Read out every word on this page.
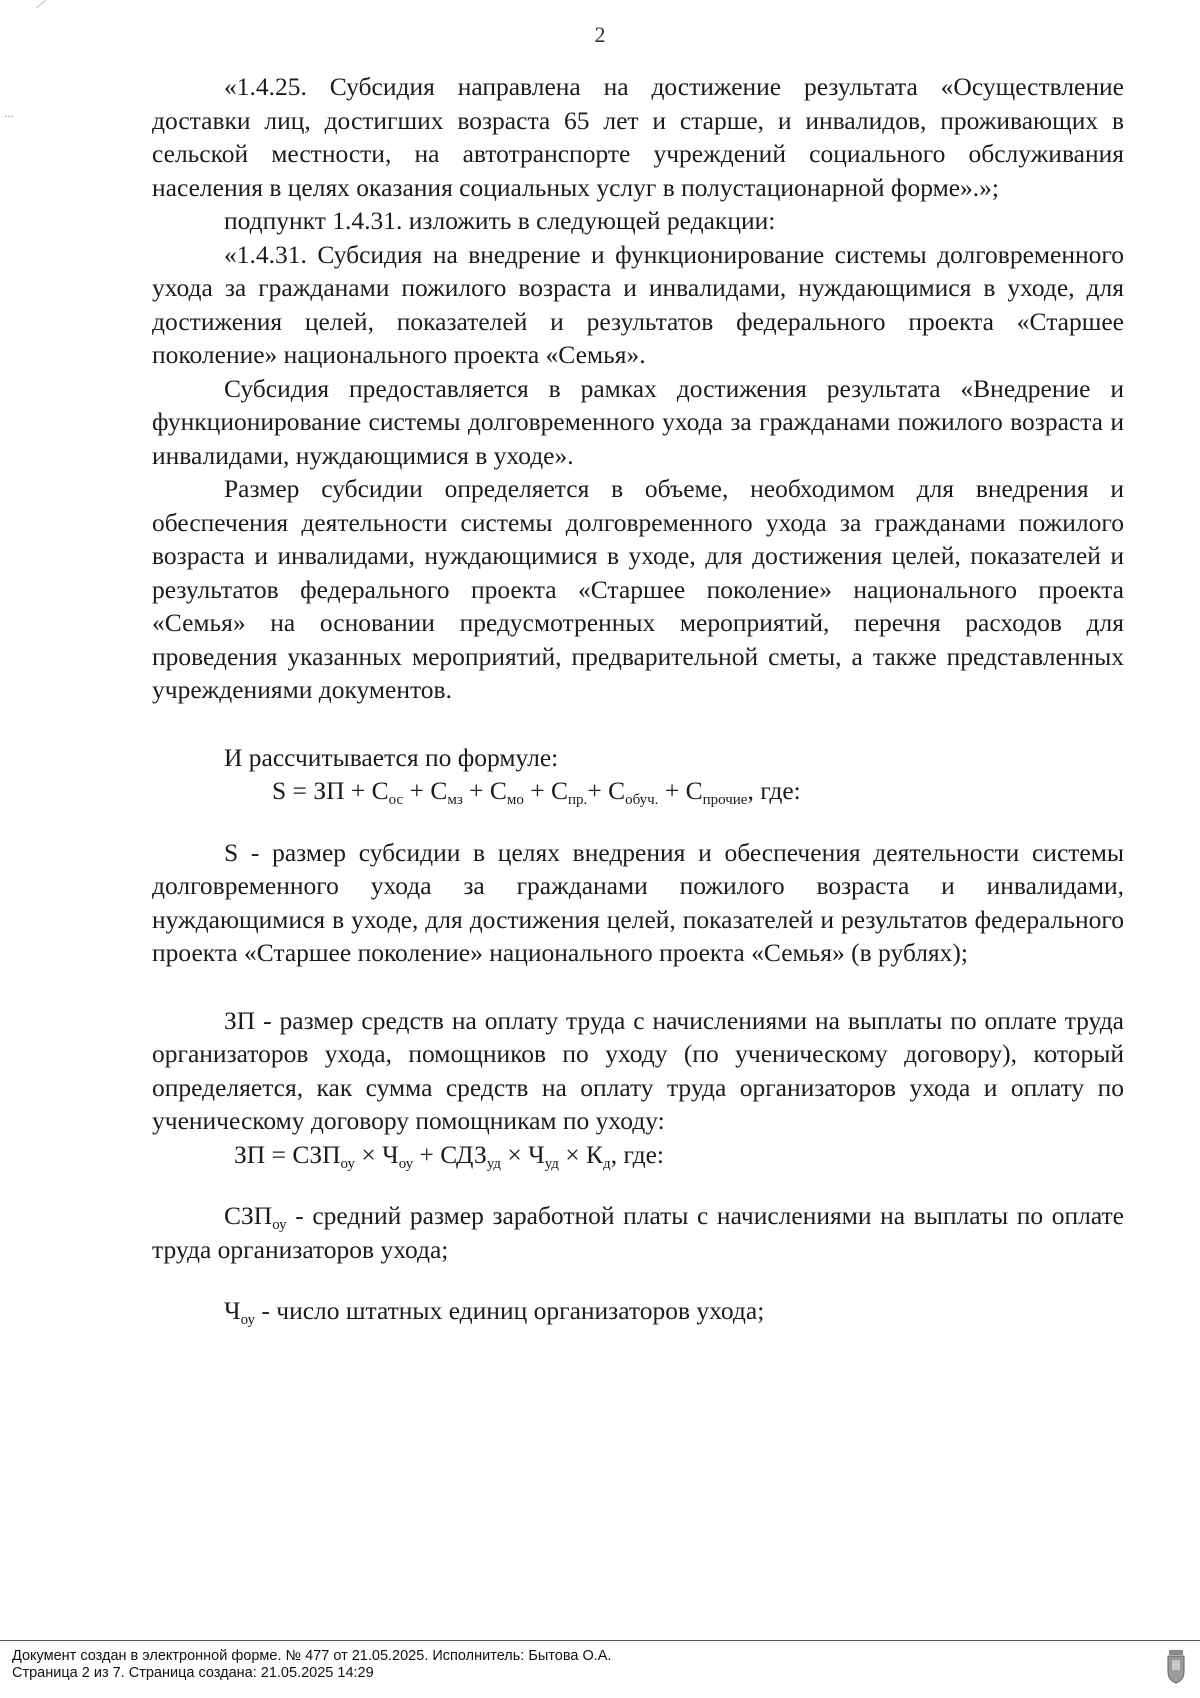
···
2

«1.4.25. Субсидия направлена на достижение результата «Осуществление доставки лиц, достигших возраста 65 лет и старше, и инвалидов, проживающих в сельской местности, на автотранспорте учреждений социального обслуживания населения в целях оказания социальных услуг в полустационарной форме».»;

подпункт 1.4.31. изложить в следующей редакции:

«1.4.31. Субсидия на внедрение и функционирование системы долговременного ухода за гражданами пожилого возраста и инвалидами, нуждающимися в уходе, для достижения целей, показателей и результатов федерального проекта «Старшее поколение» национального проекта «Семья».

Субсидия предоставляется в рамках достижения результата «Внедрение и функционирование системы долговременного ухода за гражданами пожилого возраста и инвалидами, нуждающимися в уходе».

Размер субсидии определяется в объеме, необходимом для внедрения и обеспечения деятельности системы долговременного ухода за гражданами пожилого возраста и инвалидами, нуждающимися в уходе, для достижения целей, показателей и результатов федерального проекта «Старшее поколение» национального проекта «Семья» на основании предусмотренных мероприятий, перечня расходов для проведения указанных мероприятий, предварительной сметы, а также представленных учреждениями документов.

И рассчитывается по формуле:

S = ЗП + $С_{ос} + С_{мз} + С_{мо} + С_{пр.}+ С_{обуч.} + С_{прочие}$, где:

S - размер субсидии в целях внедрения и обеспечения деятельности системы долговременного ухода за гражданами пожилого возраста и инвалидами, нуждающимися в уходе, для достижения целей, показателей и результатов федерального проекта «Старшее поколение» национального проекта «Семья» (в рублях);

ЗП - размер средств на оплату труда с начислениями на выплаты по оплате труда организаторов ухода, помощников по уходу (по ученическому договору), который определяется, как сумма средств на оплату труда организаторов ухода и оплату по ученическому договору помощникам по уходу:

ЗП = $СЗП_{оу} \times Ч_{оу} + СДЗ_{уд} \times Ч_{уд} \times К_д$, где:

$СЗП_{оу}$ - средний размер заработной платы с начислениями на выплаты по оплате труда организаторов ухода;

$Ч_{оу}$ - число штатных единиц организаторов ухода;

Документ создан в электронной форме. № 477 от 21.05.2025. Исполнитель: Бытова О.А.
Страница 2 из 7. Страница создана: 21.05.2025 14:29
